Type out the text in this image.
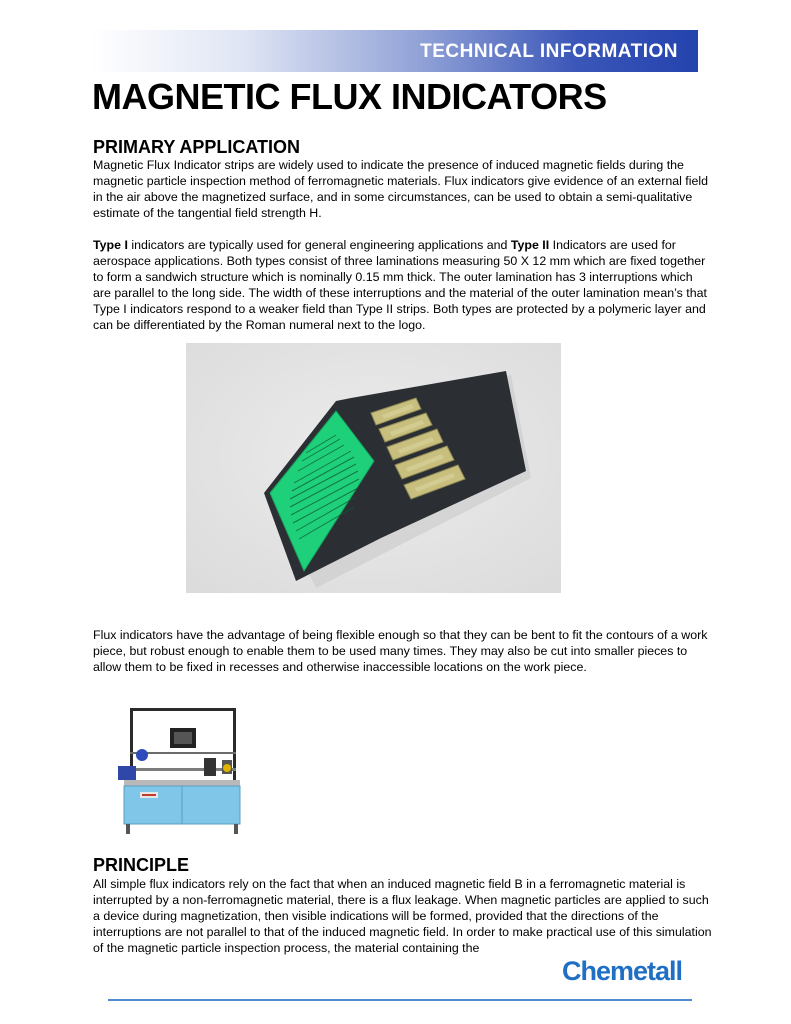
TECHNICAL INFORMATION
MAGNETIC FLUX INDICATORS
PRIMARY APPLICATION
Magnetic Flux Indicator strips are widely used to indicate the presence of induced magnetic fields during the magnetic particle inspection method of ferromagnetic materials. Flux indicators give evidence of an external field in the air above the magnetized surface, and in some circumstances, can be used to obtain a semi-qualitative estimate of the tangential field strength H.
Type I indicators are typically used for general engineering applications and Type II Indicators are used for aerospace applications. Both types consist of three laminations measuring 50 X 12 mm which are fixed together to form a sandwich structure which is nominally 0.15 mm thick. The outer lamination has 3 interruptions which are parallel to the long side. The width of these interruptions and the material of the outer lamination mean’s that Type I indicators respond to a weaker field than Type II strips. Both types are protected by a polymeric layer and can be differentiated by the Roman numeral next to the logo.
Flux indicators have the advantage of being flexible enough so that they can be bent to fit the contours of a work piece, but robust enough to enable them to be used many times. They may also be cut into smaller pieces to allow them to be fixed in recesses and otherwise inaccessible locations on the work piece.
PRINCIPLE
All simple flux indicators rely on the fact that when an induced magnetic field B in a ferromagnetic material is interrupted by a non-ferromagnetic material, there is a flux leakage. When magnetic particles are applied to such a device during magnetization, then visible indications will be formed, provided that the directions of the interruptions are not parallel to that of the induced magnetic field. In order to make practical use of this simulation of the magnetic particle inspection process, the material containing the
Chemetall
